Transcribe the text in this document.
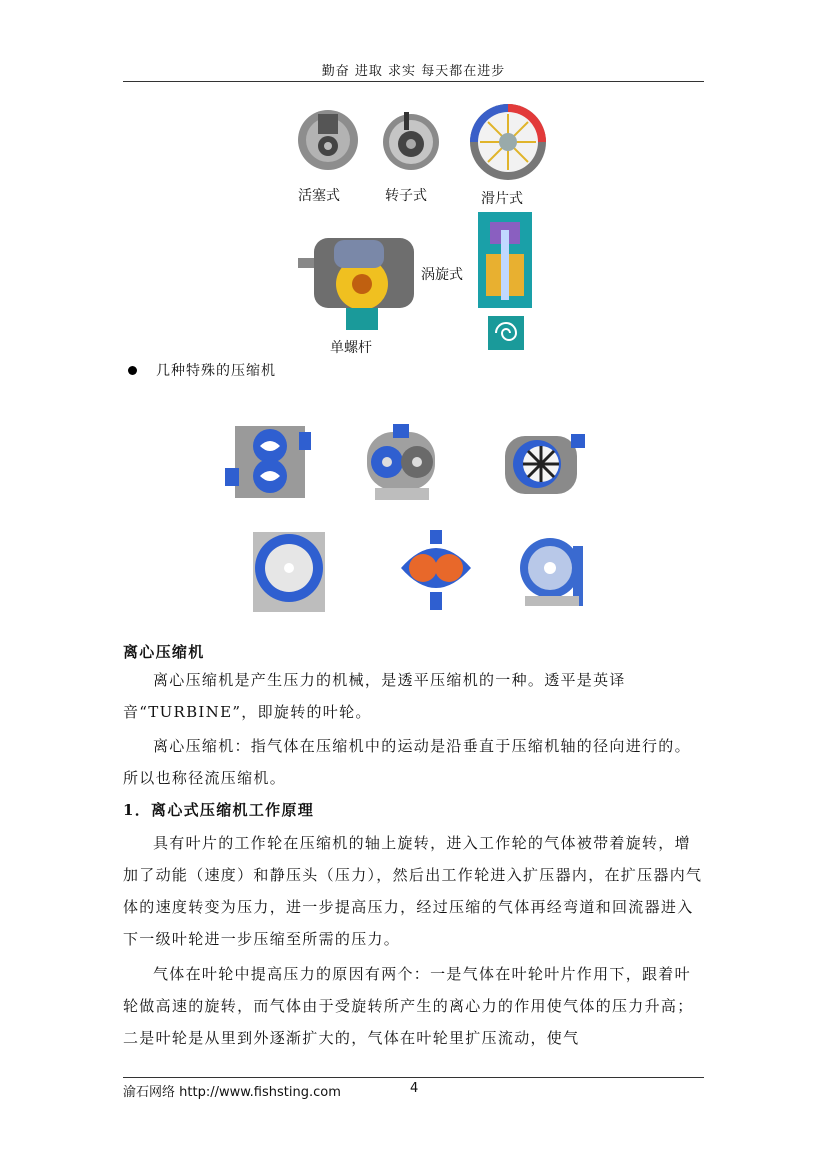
勤奋 进取 求实 每天都在进步
活塞式	转子式	滑片式
涡旋式
单螺杆
几种特殊的压缩机
离心压缩机
离心压缩机是产生压力的机械，是透平压缩机的一种。透平是英译音“TURBINE”，即旋转的叶轮。
离心压缩机：指气体在压缩机中的运动是沿垂直于压缩机轴的径向进行的。所以也称径流压缩机。
1．离心式压缩机工作原理
具有叶片的工作轮在压缩机的轴上旋转，进入工作轮的气体被带着旋转，增加了动能（速度）和静压头（压力），然后出工作轮进入扩压器内，在扩压器内气体的速度转变为压力，进一步提高压力，经过压缩的气体再经弯道和回流器进入下一级叶轮进一步压缩至所需的压力。
气体在叶轮中提高压力的原因有两个：一是气体在叶轮叶片作用下，跟着叶轮做高速的旋转，而气体由于受旋转所产生的离心力的作用使气体的压力升高；二是叶轮是从里到外逐渐扩大的，气体在叶轮里扩压流动，使气
渝石网络 http://www.fishsting.com	4
